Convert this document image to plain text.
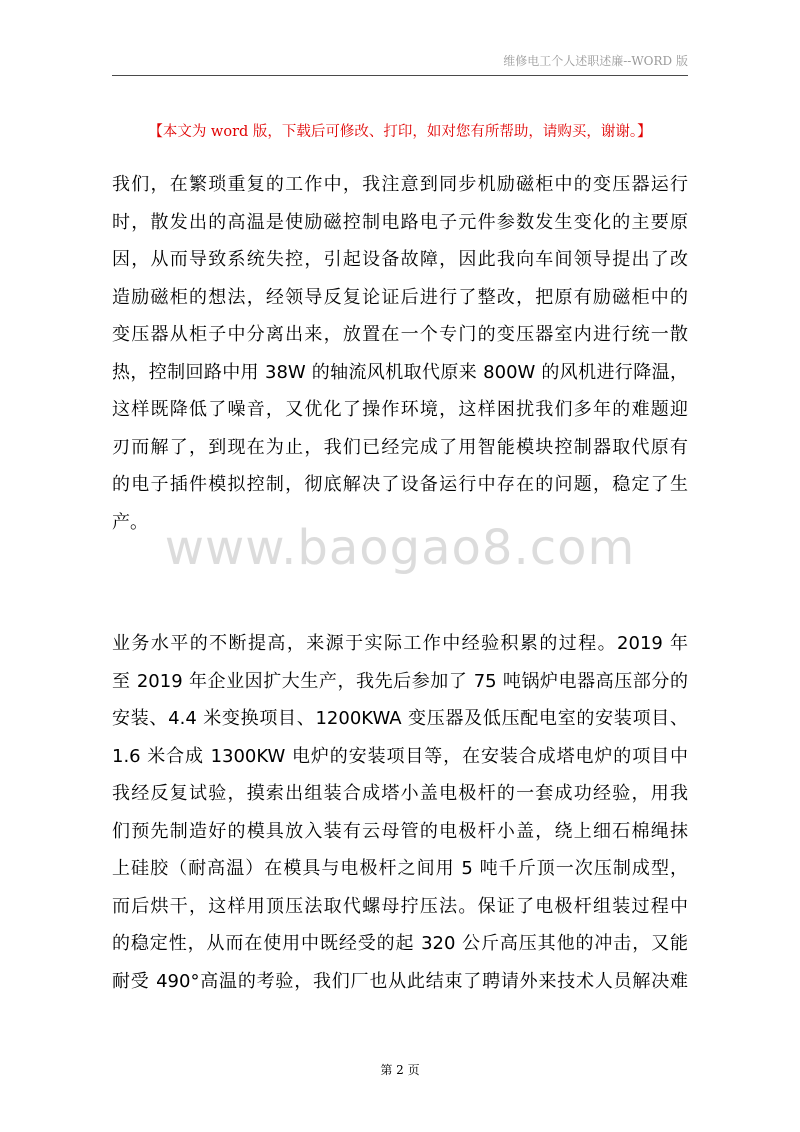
维修电工个人述职述廉--WORD 版
【本文为 word 版，下载后可修改、打印，如对您有所帮助，请购买，谢谢。】
我们，在繁琐重复的工作中，我注意到同步机励磁柜中的变压器运行
时，散发出的高温是使励磁控制电路电子元件参数发生变化的主要原
因，从而导致系统失控，引起设备故障，因此我向车间领导提出了改
造励磁柜的想法，经领导反复论证后进行了整改，把原有励磁柜中的
变压器从柜子中分离出来，放置在一个专门的变压器室内进行统一散
热，控制回路中用 38W 的轴流风机取代原来 800W 的风机进行降温，
这样既降低了噪音，又优化了操作环境，这样困扰我们多年的难题迎
刃而解了，到现在为止，我们已经完成了用智能模块控制器取代原有
的电子插件模拟控制，彻底解决了设备运行中存在的问题，稳定了生
产。 www.baogao8.com
业务水平的不断提高，来源于实际工作中经验积累的过程。2019 年
至 2019 年企业因扩大生产，我先后参加了 75 吨锅炉电器高压部分的
安装、4.4 米变换项目、1200KWA 变压器及低压配电室的安装项目、
1.6 米合成 1300KW 电炉的安装项目等，在安装合成塔电炉的项目中
我经反复试验，摸索出组装合成塔小盖电极杆的一套成功经验，用我
们预先制造好的模具放入装有云母管的电极杆小盖，绕上细石棉绳抹
上硅胶（耐高温）在模具与电极杆之间用 5 吨千斤顶一次压制成型，
而后烘干，这样用顶压法取代螺母拧压法。保证了电极杆组装过程中
的稳定性，从而在使用中既经受的起 320 公斤高压其他的冲击，又能
耐受 490°高温的考验，我们厂也从此结束了聘请外来技术人员解决难
第 2 页
